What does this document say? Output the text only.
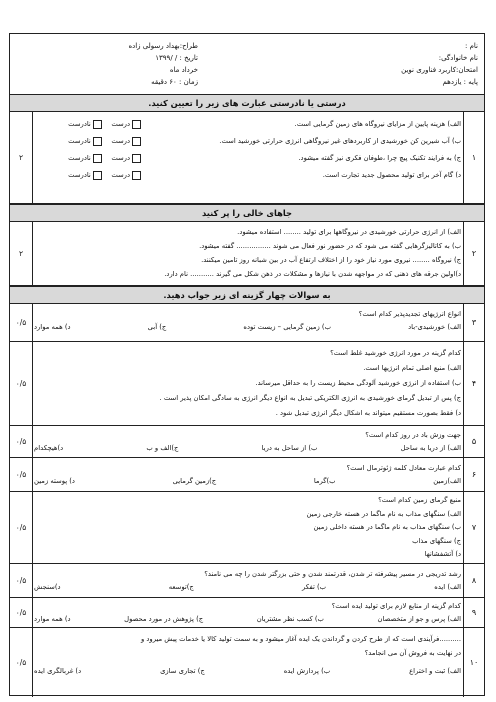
نام :
نام خانوادگی:
امتحان:کاربرد فناوری نوین
پایه : یازدهم
طراح:بهداد رسولی زاده
تاریخ : / /۱۳۹۹
خرداد ماه
زمان : ۶۰ دقیقه
درستی یا نادرستی عبارت های زیر را تعیین کنید.
۱
۲
الف) هزینه پایین از مزایای نیروگاه های زمین گرمایی است.
درست   نادرست
ب) آب شیرین کن خورشیدی از کاربردهای غیر نیروگاهی انرژی حرارتی خورشید است.
درست   نادرست
ج) به فرایند تکنیک پیچ چرا ،طوفان فکری نیز گفته میشود.
درست   نادرست
د) گام آخر برای تولید محصول جدید تجارت است.
درست   نادرست
جاهای خالی را پر کنید
۲
۲
الف) از انرژی حرارتی خورشیدی در نیروگاهها برای تولید ........ استفاده میشود.
ب) به کاتالیزگرهایی گفته می شود که در حضور نور فعال می شوند ................ گفته میشود.
ج) نیروگاه ........ نیروی مورد نیاز خود را از اختلاف ارتفاع آب در بین شبانه روز تامین میکنند.
د)اولین جرقه های ذهنی که در مواجهه شدن با نیازها و مشکلات در ذهن شکل می گیرند ........... نام دارد.
به سوالات چهار گزینه ای زیر جواب دهید.
۳
۰/۵
انواع انرژیهای تجدیدپذیر کدام است؟
الف) خورشیدی-باد
ب) زمین گرمایی – زیست توده
ج) آبی
د) همه موارد
۴
۰/۵
کدام گزینه در مورد انرژی خورشید غلط است؟
الف) منبع اصلی تمام انرژیها است.
ب) استفاده از انرژی خورشید آلودگی محیط زیست را به حداقل میرساند.
ج) پس از تبدیل گرمای خورشیدی به انرژی الکتریکی تبدیل به انواع دیگر انرژی به سادگی امکان پذیر است .
د) فقط بصورت مستقیم میتواند به اشکال دیگر انرژی تبدیل شود .
۵
۰/۵
جهت وزش باد در روز کدام است؟
الف) از دریا به ساحل
ب) از ساحل به دریا
ج)الف و ب
د)هیچکدام
۶
۰/۵
کدام عبارت معادل کلمه ژئوترمال است؟
الف)زمین
ب)گرما
ج)زمین گرمایی
د) پوسته زمین
۷
۰/۵
منبع گرمای زمین کدام است؟
الف) سنگهای مذاب به نام ماگما در هسته خارجی زمین
ب) سنگهای مذاب به نام ماگما در هسته داخلی زمین
ج) سنگهای مذاب
د) آتشفشانها
۸
۰/۵
رشد تدریجی در مسیر پیشرفته تر شدن، قدرتمند شدن و حتی بزرگتر شدن را چه می نامند؟
الف) ایده
ب) تفکر
ج)توسعه
د)سنجش
۹
۰/۵
کدام گزینه از منابع لازم برای تولید ایده است؟
الف) پرس و جو از متخصصان
ب) کسب نظر مشتریان
ج) پژوهش در مورد محصول
د) همه موارد
۱۰
۰/۵
..........فرآیندی است که از طرح کردن و گرداندن یک ایده آغاز میشود و به سمت تولید کالا یا خدمات پیش میرود و
در نهایت به فروش آن می انجامد؟
الف) ثبت و اختراع
ب) پردازش ایده
ج) تجاری سازی
د) غربالگری ایده
